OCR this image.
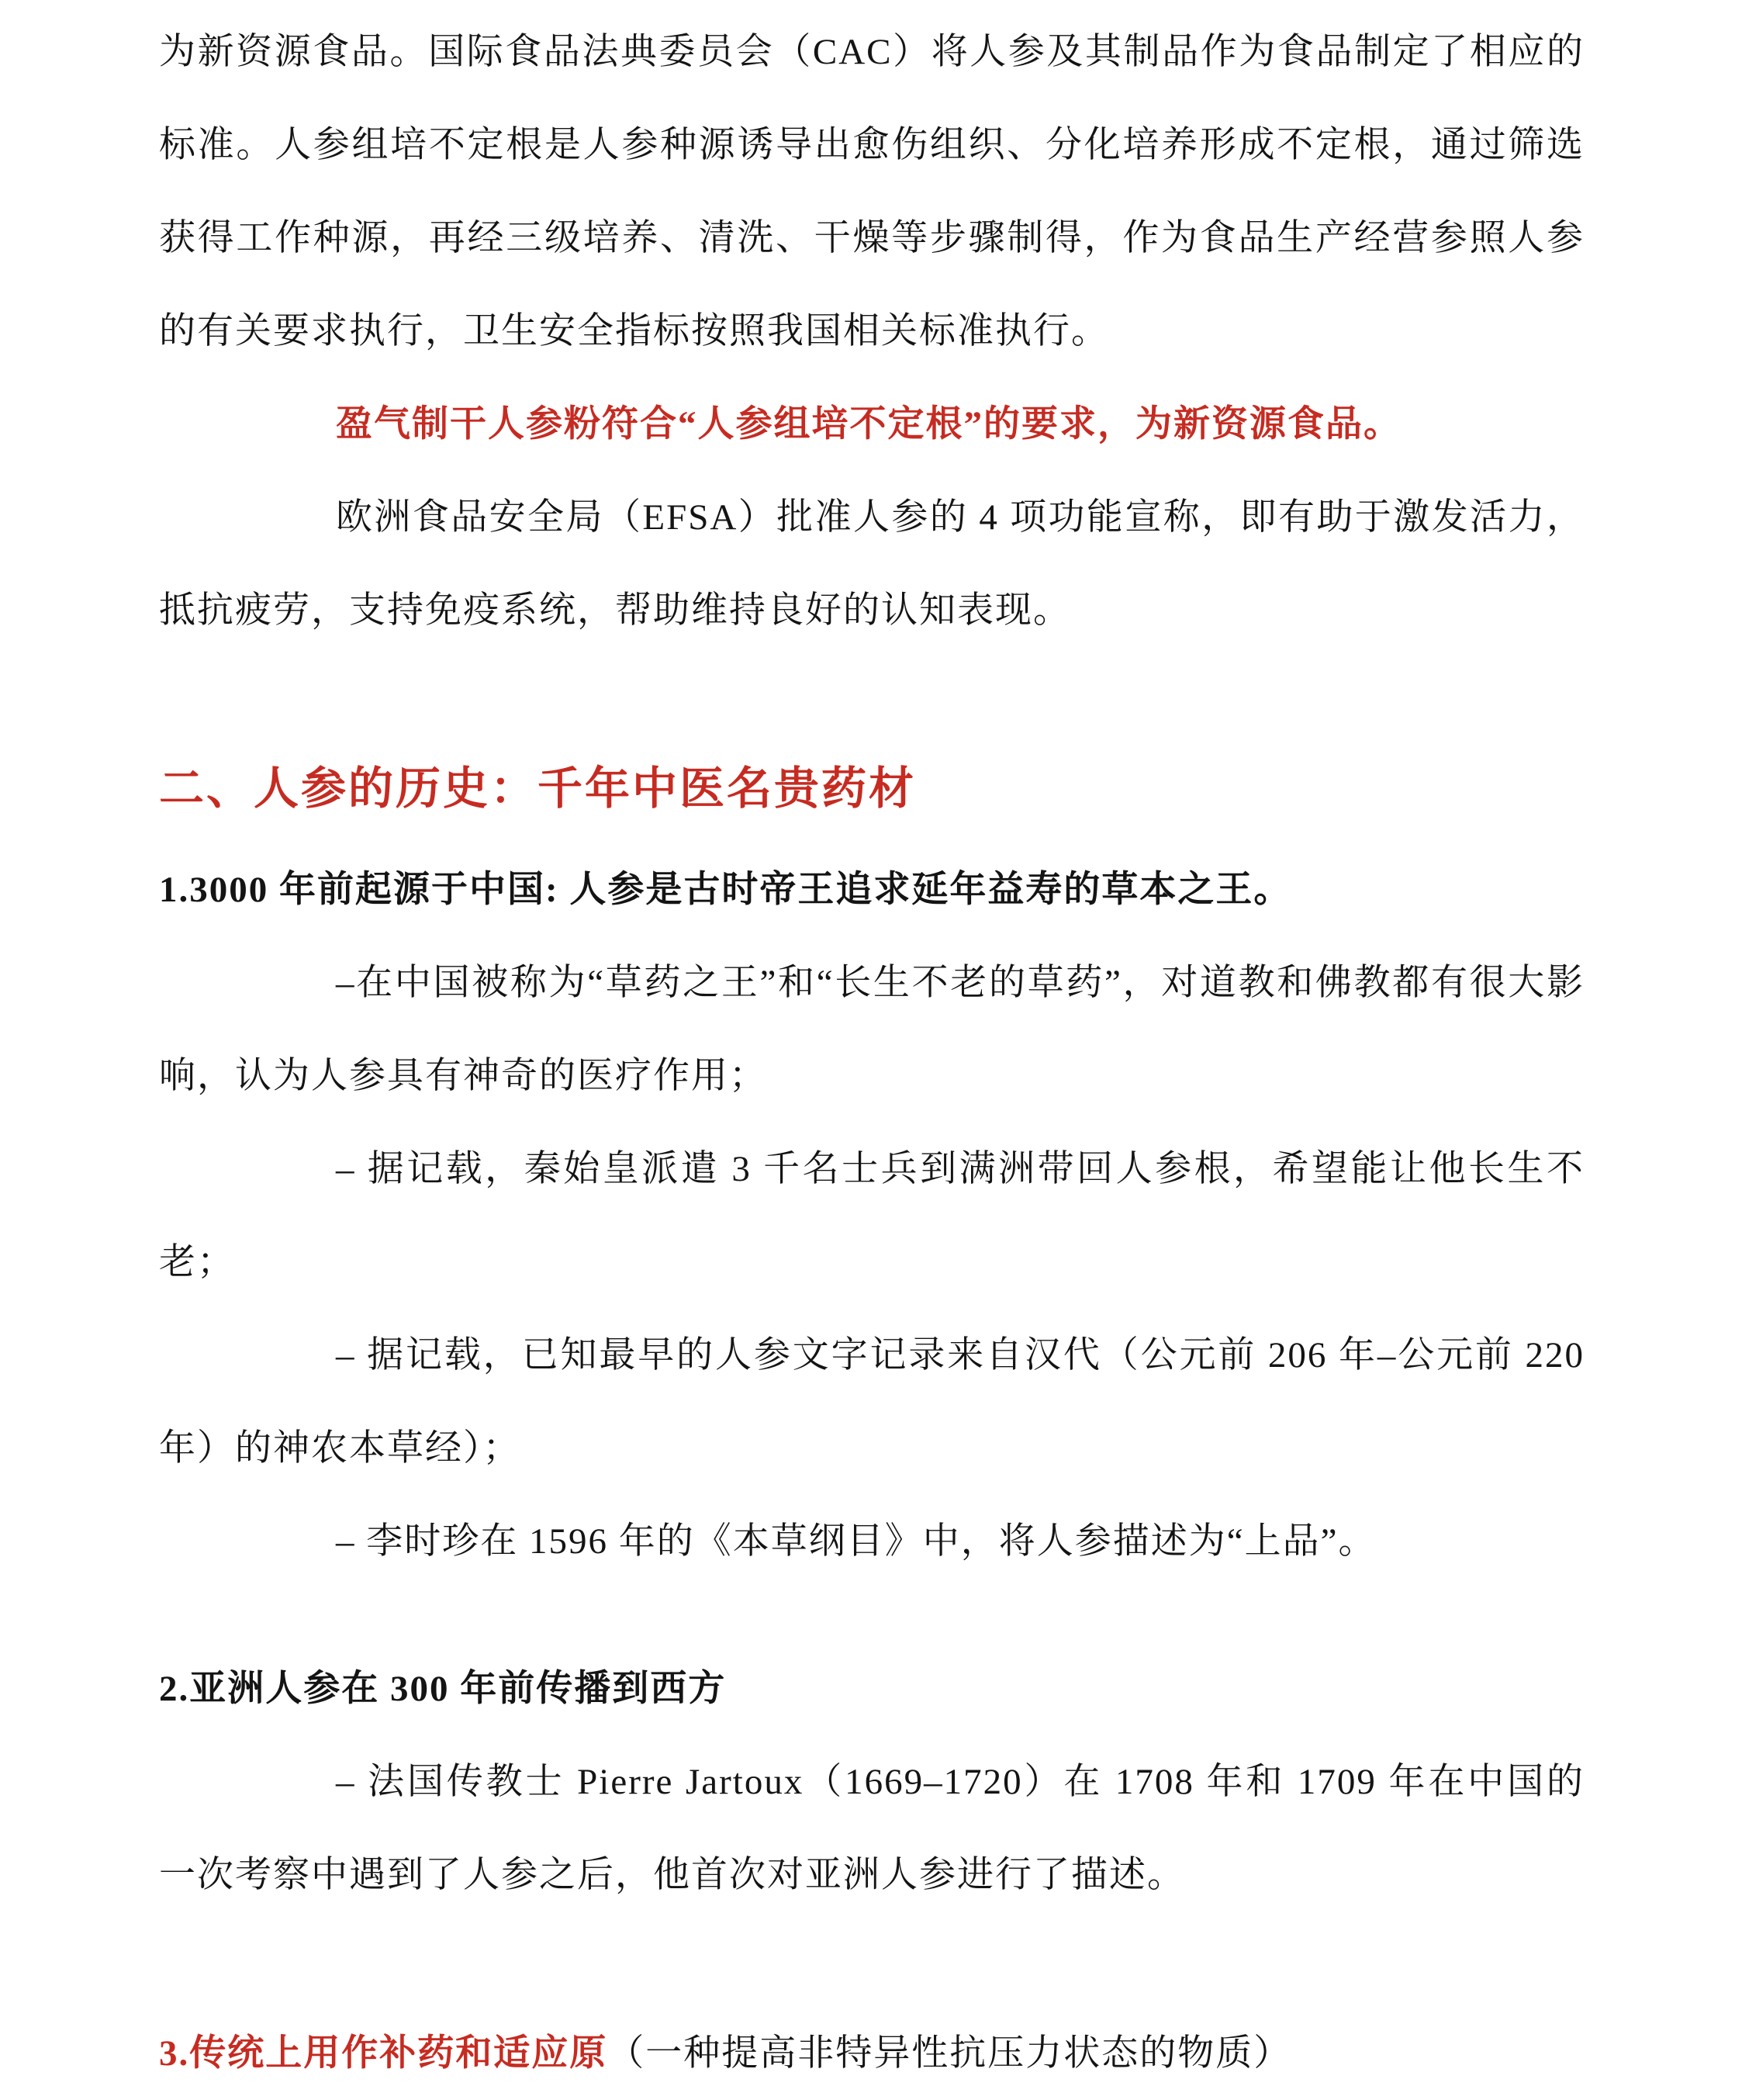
为新资源食品。国际食品法典委员会（CAC）将人参及其制品作为食品制定了相应的标准。人参组培不定根是人参种源诱导出愈伤组织、分化培养形成不定根，通过筛选获得工作种源，再经三级培养、清洗、干燥等步骤制得，作为食品生产经营参照人参的有关要求执行，卫生安全指标按照我国相关标准执行。

盈气制干人参粉符合“人参组培不定根”的要求，为新资源食品。

欧洲食品安全局（EFSA）批准人参的 4 项功能宣称，即有助于激发活力，抵抗疲劳，支持免疫系统，帮助维持良好的认知表现。

二、人参的历史：千年中医名贵药材

1.3000 年前起源于中国: 人参是古时帝王追求延年益寿的草本之王。

–在中国被称为“草药之王”和“长生不老的草药”，对道教和佛教都有很大影响，认为人参具有神奇的医疗作用；

– 据记载，秦始皇派遣 3 千名士兵到满洲带回人参根，希望能让他长生不老；

– 据记载，已知最早的人参文字记录来自汉代（公元前 206 年–公元前 220 年）的神农本草经）；

– 李时珍在 1596 年的《本草纲目》中，将人参描述为“上品”。

2.亚洲人参在 300 年前传播到西方

– 法国传教士 Pierre Jartoux（1669–1720）在 1708 年和 1709 年在中国的一次考察中遇到了人参之后，他首次对亚洲人参进行了描述。

3.传统上用作补药和适应原（一种提高非特异性抗压力状态的物质）
